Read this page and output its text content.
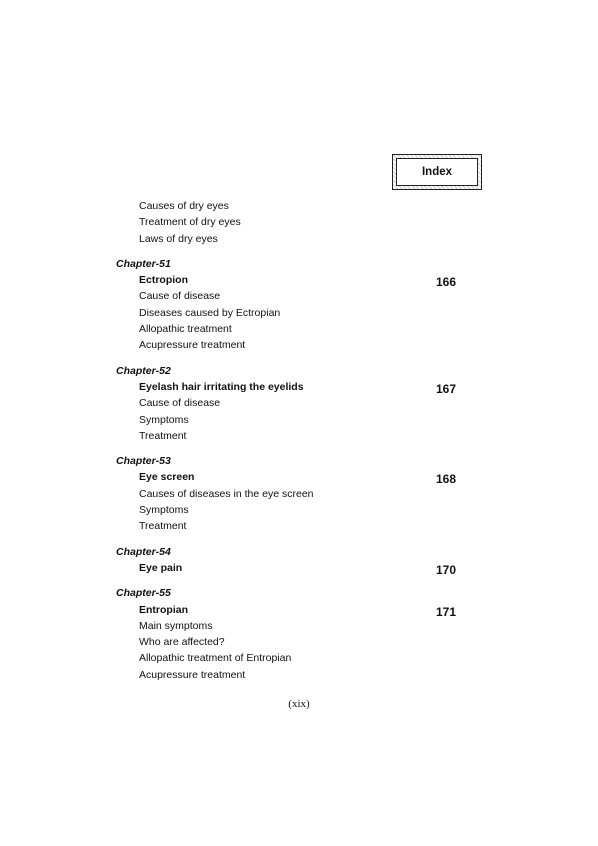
Index
Causes of dry eyes
Treatment of dry eyes
Laws of dry eyes
Chapter-51
Ectropion	166
Cause of disease
Diseases caused by Ectropian
Allopathic treatment
Acupressure treatment
Chapter-52
Eyelash hair irritating the eyelids	167
Cause of disease
Symptoms
Treatment
Chapter-53
Eye screen	168
Causes of diseases in the eye screen
Symptoms
Treatment
Chapter-54
Eye pain	170
Chapter-55
Entropian	171
Main symptoms
Who are affected?
Allopathic treatment of Entropian
Acupressure treatment
(xix)
